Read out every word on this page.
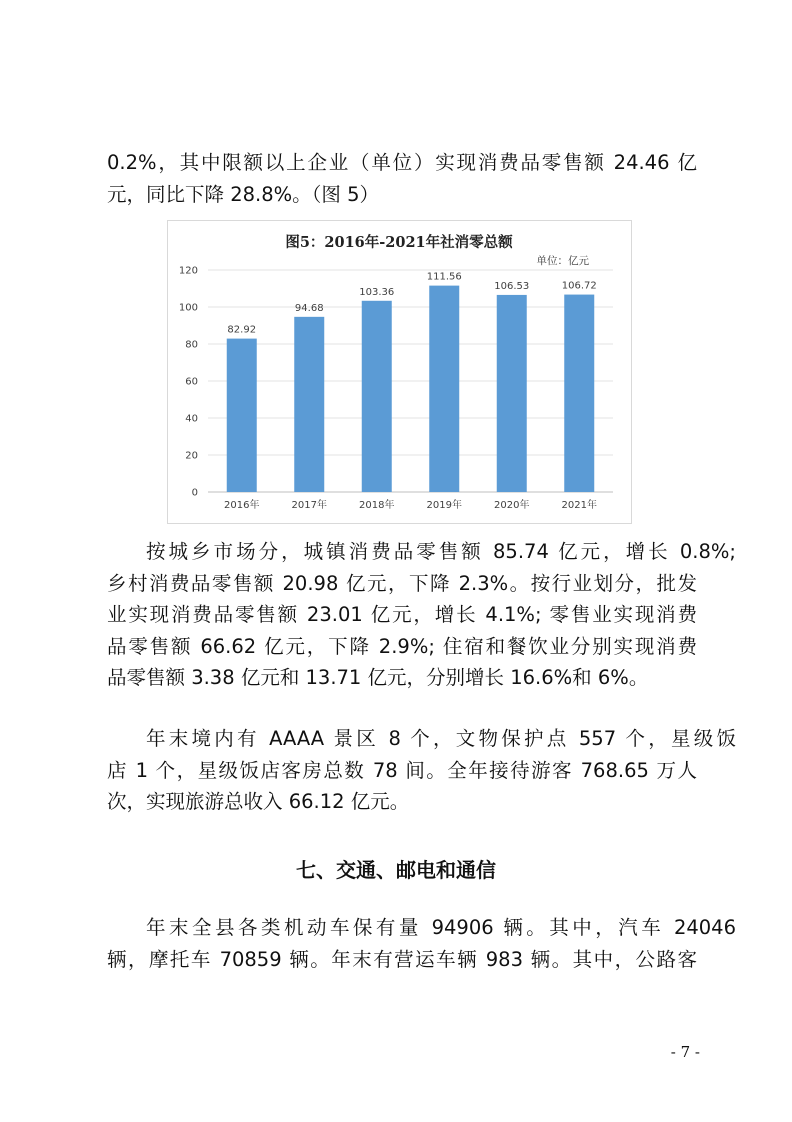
0.2%，其中限额以上企业（单位）实现消费品零售额 24.46 亿
元，同比下降 28.8%。（图 5）
图5：2016年-2021年社消零总额
单位：亿元
82.92
94.68
103.36
111.56
106.53	106.72
0
20
40
60
80
100
120
2016年	2017年	2018年	2019年	2020年	2021年
按城乡市场分，城镇消费品零售额 85.74 亿元，增长 0.8%;
乡村消费品零售额 20.98 亿元，下降 2.3%。按行业划分，批发
业实现消费品零售额 23.01 亿元，增长 4.1%; 零售业实现消费
品零售额 66.62 亿元，下降 2.9%; 住宿和餐饮业分别实现消费
品零售额 3.38 亿元和 13.71 亿元，分别增长 16.6%和 6%。
年末境内有 AAAA 景区 8 个，文物保护点 557 个，星级饭
店 1 个，星级饭店客房总数 78 间。全年接待游客 768.65 万人
次，实现旅游总收入 66.12 亿元。
七、交通、邮电和通信
年末全县各类机动车保有量 94906 辆。其中，汽车 24046
辆，摩托车 70859 辆。年末有营运车辆 983 辆。其中，公路客
- 7 -
